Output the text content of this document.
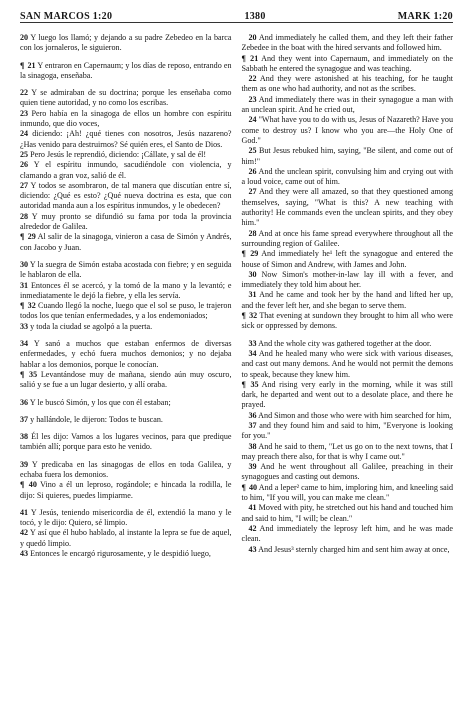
SAN MARCOS 1:20	1380	MARK 1:20

20 Y luego los llamó; y dejando a su padre Zebedeo en la barca con los jornaleros, le siguieron.

¶ 21 Y entraron en Capernaum; y los días de reposo, entrando en la sinagoga, enseñaba.

22 Y se admiraban de su doctrina; porque les enseñaba como quien tiene autoridad, y no como los escribas.

23 Pero había en la sinagoga de ellos un hombre con espíritu inmundo, que dio voces,

24 diciendo: ¡Ah! ¿qué tienes con nosotros, Jesús nazareno? ¿Has venido para destruirnos? Sé quién eres, el Santo de Dios.

25 Pero Jesús le reprendió, diciendo: ¡Cállate, y sal de él!

26 Y el espíritu inmundo, sacudiéndole con violencia, y clamando a gran voz, salió de él.

27 Y todos se asombraron, de tal manera que discutían entre sí, diciendo: ¿Qué es esto? ¿Qué nueva doctrina es esta, que con autoridad manda aun a los espíritus inmundos, y le obedecen?

28 Y muy pronto se difundió su fama por toda la provincia alrededor de Galilea.

¶ 29 Al salir de la sinagoga, vinieron a casa de Simón y Andrés, con Jacobo y Juan.

30 Y la suegra de Simón estaba acostada con fiebre; y en seguida le hablaron de ella.

31 Entonces él se acercó, y la tomó de la mano y la levantó; e inmediatamente le dejó la fiebre, y ella les servía.

¶ 32 Cuando llegó la noche, luego que el sol se puso, le trajeron todos los que tenían enfermedades, y a los endemoniados;

33 y toda la ciudad se agolpó a la puerta.

34 Y sanó a muchos que estaban enfermos de diversas enfermedades, y echó fuera muchos demonios; y no dejaba hablar a los demonios, porque le conocían.

¶ 35 Levantándose muy de mañana, siendo aún muy oscuro, salió y se fue a un lugar desierto, y allí oraba.

36 Y le buscó Simón, y los que con él estaban;

37 y hallándole, le dijeron: Todos te buscan.

38 Él les dijo: Vamos a los lugares vecinos, para que predique también allí; porque para esto he venido.

39 Y predicaba en las sinagogas de ellos en toda Galilea, y echaba fuera los demonios.

¶ 40 Vino a él un leproso, rogándole; e hincada la rodilla, le dijo: Si quieres, puedes limpiarme.

41 Y Jesús, teniendo misericordia de él, extendió la mano y le tocó, y le dijo: Quiero, sé limpio.

42 Y así que él hubo hablado, al instante la lepra se fue de aquel, y quedó limpio.

43 Entonces le encargó rigurosamente, y le despidió luego,

20 And immediately he called them, and they left their father Zebedee in the boat with the hired servants and followed him.

¶ 21 And they went into Capernaum, and immediately on the Sabbath he entered the synagogue and was teaching.

22 And they were astonished at his teaching, for he taught them as one who had authority, and not as the scribes.

23 And immediately there was in their synagogue a man with an unclean spirit. And he cried out,

24 "What have you to do with us, Jesus of Nazareth? Have you come to destroy us? I know who you are—the Holy One of God."

25 But Jesus rebuked him, saying, "Be silent, and come out of him!"

26 And the unclean spirit, convulsing him and crying out with a loud voice, came out of him.

27 And they were all amazed, so that they questioned among themselves, saying, "What is this? A new teaching with authority! He commands even the unclean spirits, and they obey him."

28 And at once his fame spread everywhere throughout all the surrounding region of Galilee.

¶ 29 And immediately he¹ left the synagogue and entered the house of Simon and Andrew, with James and John.

30 Now Simon's mother-in-law lay ill with a fever, and immediately they told him about her.

31 And he came and took her by the hand and lifted her up, and the fever left her, and she began to serve them.

¶ 32 That evening at sundown they brought to him all who were sick or oppressed by demons.

33 And the whole city was gathered together at the door.

34 And he healed many who were sick with various diseases, and cast out many demons. And he would not permit the demons to speak, because they knew him.

¶ 35 And rising very early in the morning, while it was still dark, he departed and went out to a desolate place, and there he prayed.

36 And Simon and those who were with him searched for him,

37 and they found him and said to him, "Everyone is looking for you."

38 And he said to them, "Let us go on to the next towns, that I may preach there also, for that is why I came out."

39 And he went throughout all Galilee, preaching in their synagogues and casting out demons.

¶ 40 And a leper² came to him, imploring him, and kneeling said to him, "If you will, you can make me clean."

41 Moved with pity, he stretched out his hand and touched him and said to him, "I will; be clean."

42 And immediately the leprosy left him, and he was made clean.

43 And Jesus³ sternly charged him and sent him away at once,
